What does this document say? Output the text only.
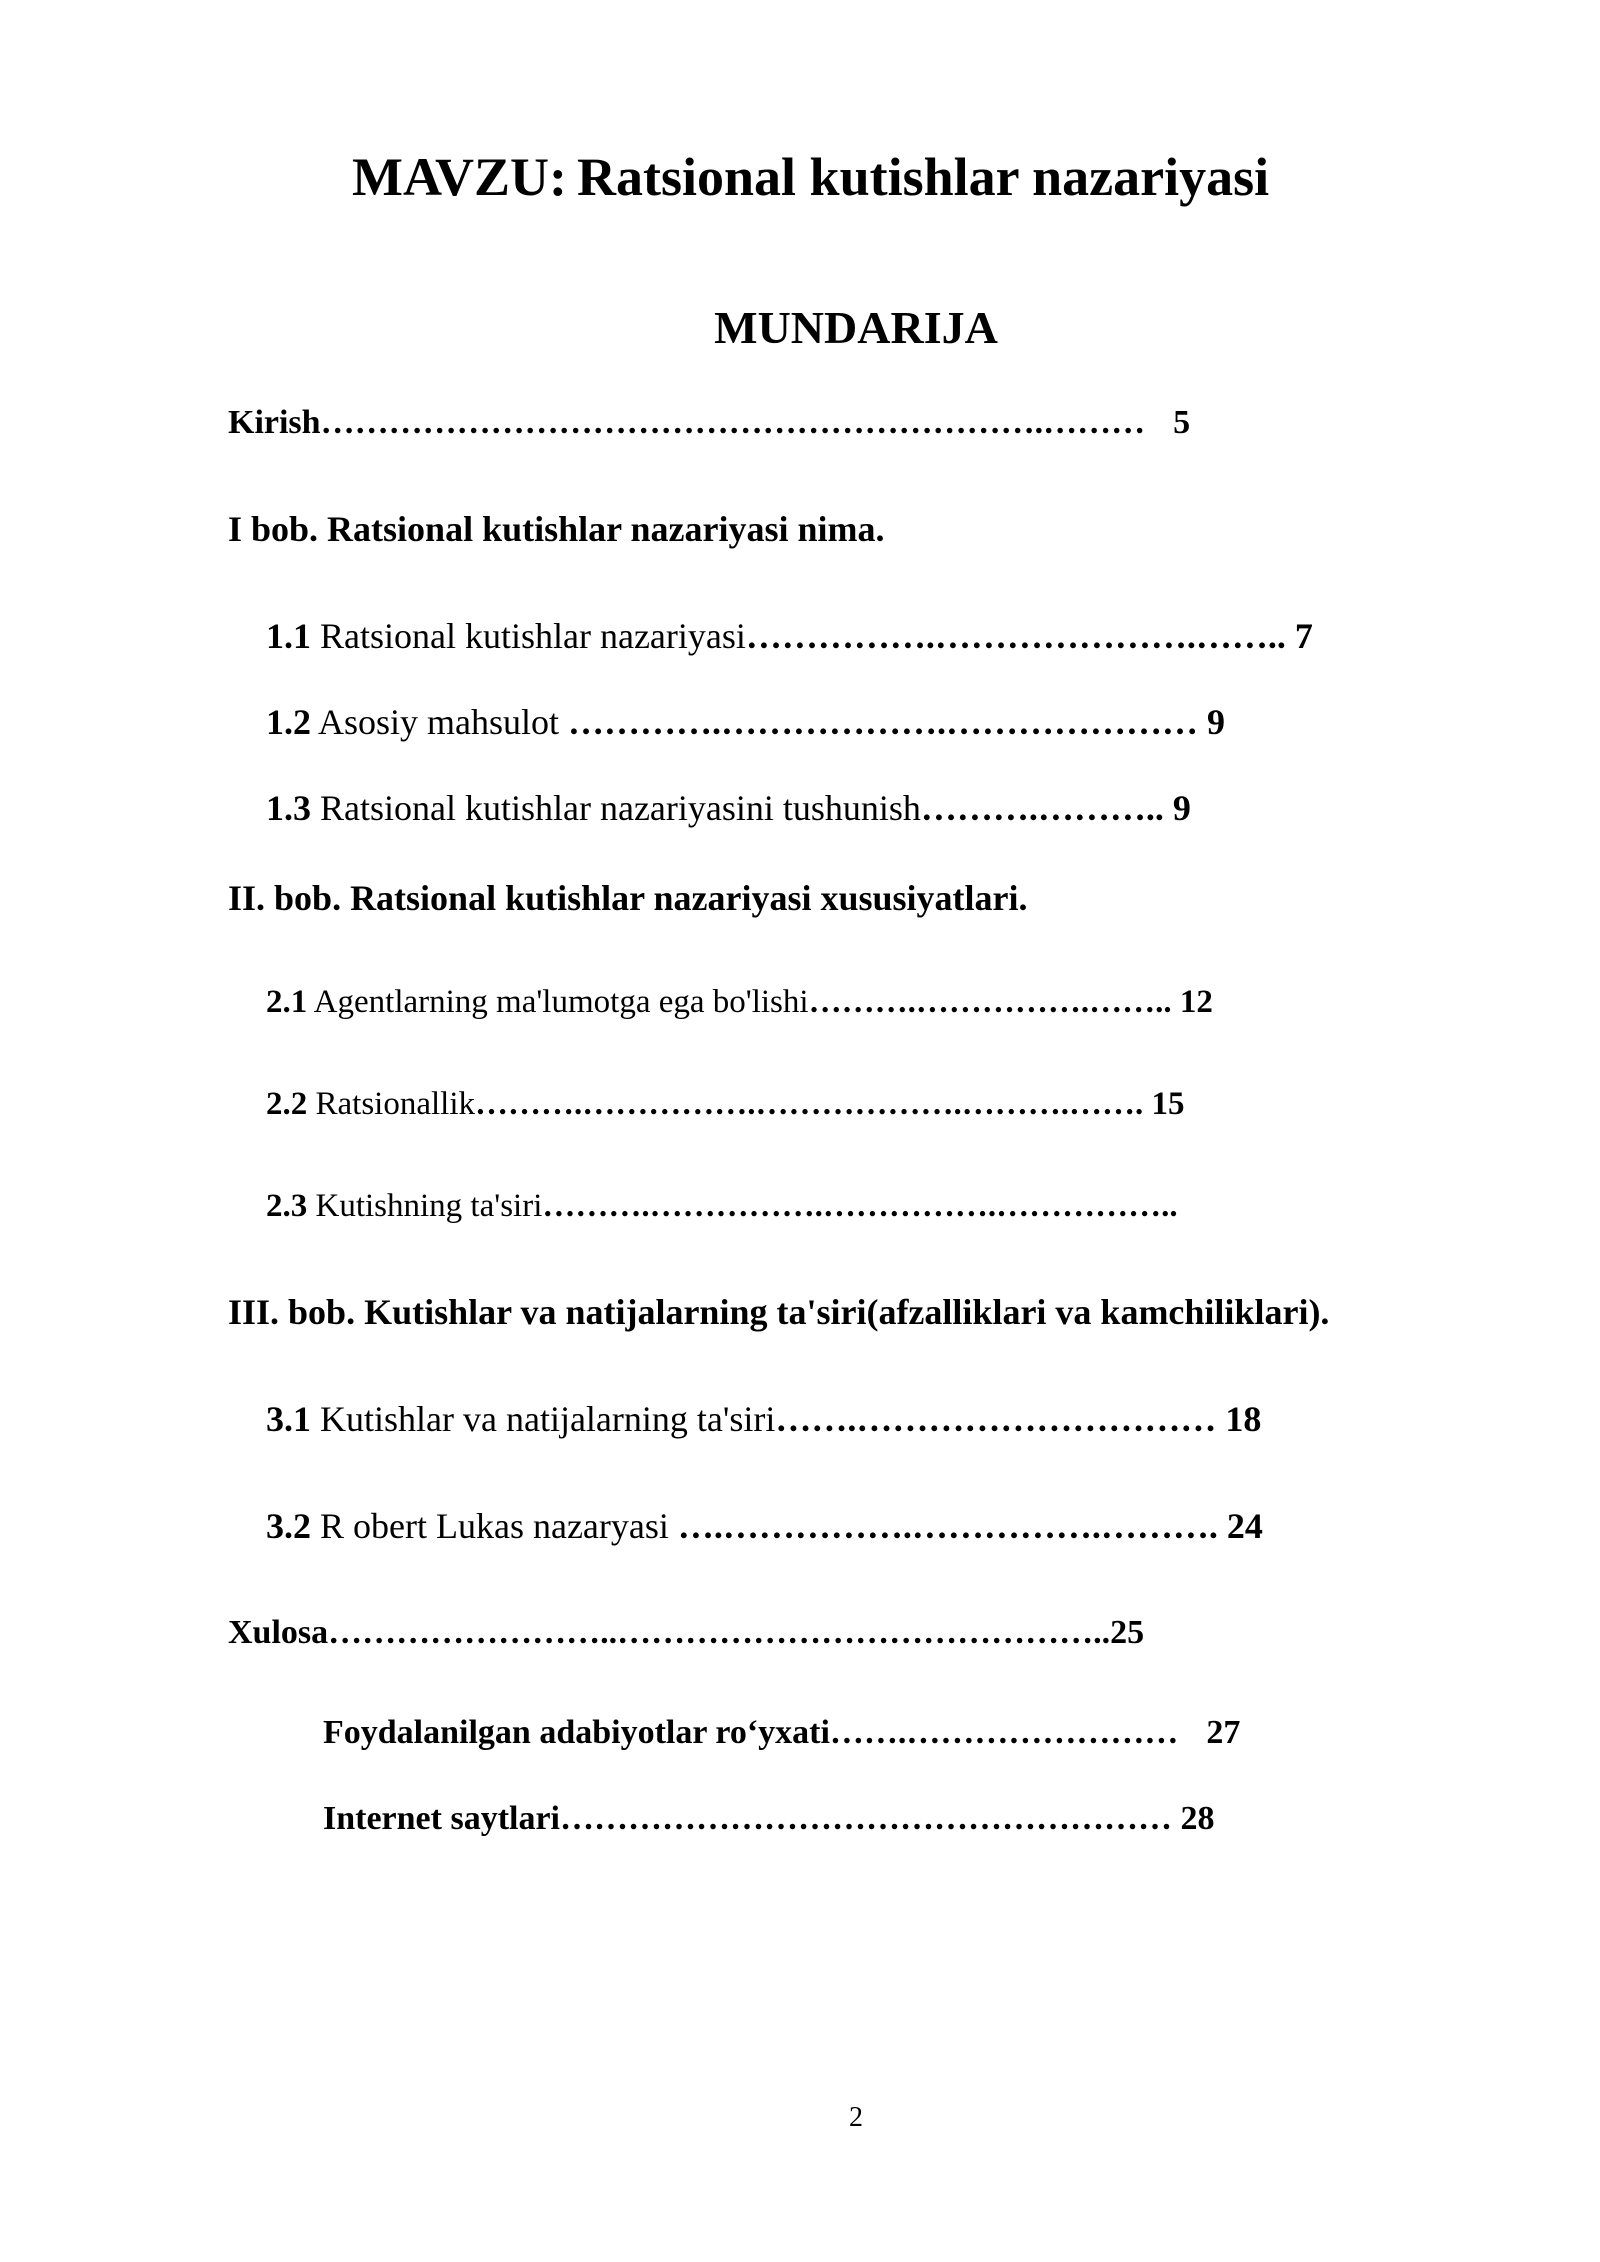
MAVZU: Ratsional kutishlar nazariyasi
MUNDARIJA
Kirish……………………………………………………….……… 5
I bob. Ratsional kutishlar nazariyasi nima.
1.1 Ratsional kutishlar nazariyasi…………….………………….…….. 7
1.2 Asosiy mahsulot ………….……………….………………… 9
1.3 Ratsional kutishlar nazariyasini tushunish……….……….. 9
II. bob. Ratsional kutishlar nazariyasi xususiyatlari.
2.1 Agentlarning ma'lumotga ega bo'lishi……….…………….…….. 12
2.2 Ratsionallik……….…………….……………….……….……. 15
2.3 Kutishning ta'siri……….…………….…………….……………..
III. bob. Kutishlar va natijalarning ta'siri(afzalliklari va kamchiliklari).
3.1 Kutishlar va natijalarning ta'siri…….………………………… 18
3.2 R obert Lukas nazaryasi ….…………….…………….………. 24
Xulosa……………………..……………………………………..25
Foydalanilgan adabiyotlar ro‘yxati…….…………………… 27
Internet saytlari……………………………………………… 28
2
